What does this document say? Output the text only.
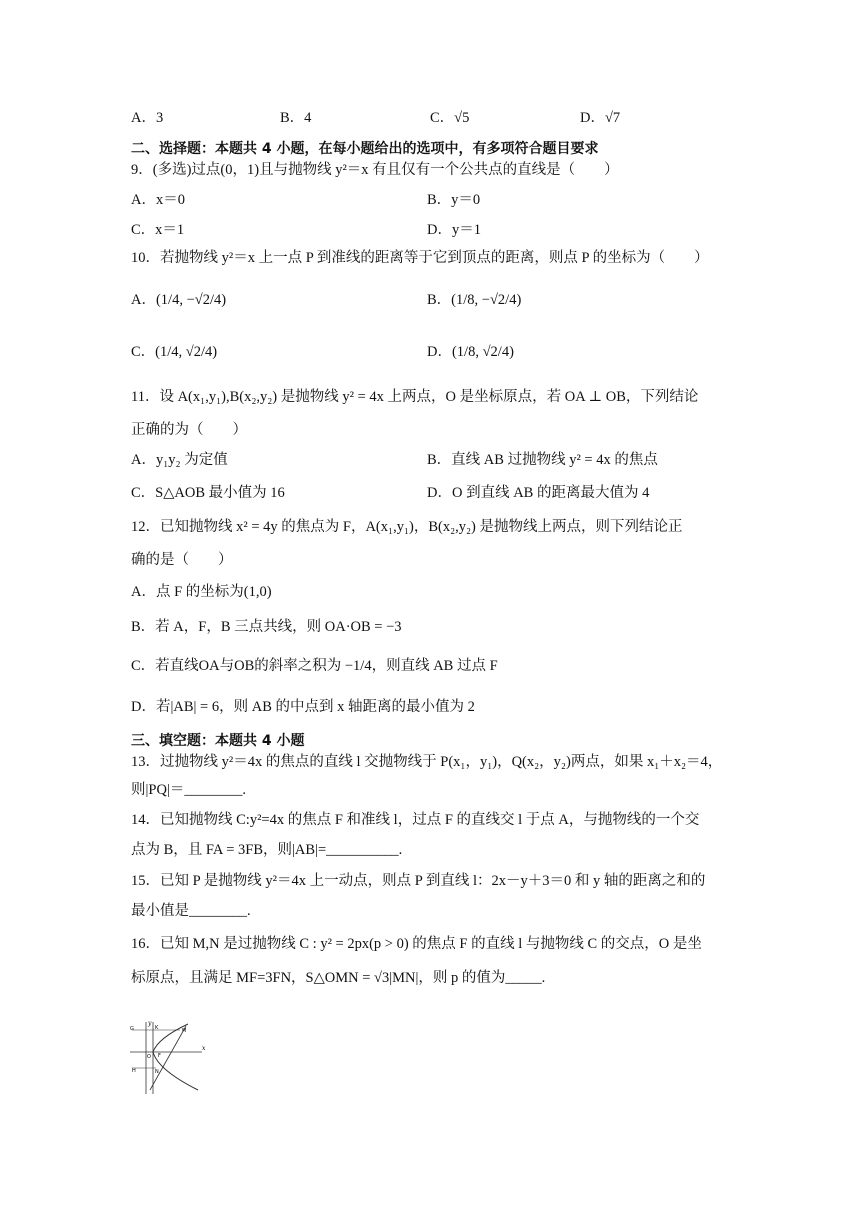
A．3	B．4	C．√5	D．√7
二、选择题：本题共 4 小题，在每小题给出的选项中，有多项符合题目要求
9．(多选)过点(0，1)且与抛物线 y²＝x 有且仅有一个公共点的直线是（　　）
A．x＝0	B．y＝0
C．x＝1	D．y＝1
10．若抛物线 y²＝x 上一点 P 到准线的距离等于它到顶点的距离，则点 P 的坐标为（　　）
A．(1/4, −√2/4)	B．(1/8, −√2/4)
C．(1/4, √2/4)	D．(1/8, √2/4)
11．设 A(x₁,y₁),B(x₂,y₂) 是抛物线 y² = 4x 上两点，O 是坐标原点，若 OA ⊥ OB，下列结论
正确的为（　　）
A．y₁y₂ 为定值	B．直线 AB 过抛物线 y² = 4x 的焦点
C．S△AOB 最小值为 16	D．O 到直线 AB 的距离最大值为 4
12．已知抛物线 x² = 4y 的焦点为 F，A(x₁,y₁)，B(x₂,y₂) 是抛物线上两点，则下列结论正
确的是（　　）
A．点 F 的坐标为(1,0)
B．若 A，F，B 三点共线，则 OA·OB = −3
C．若直线OA与OB的斜率之积为 −1/4，则直线 AB 过点 F
D．若|AB| = 6，则 AB 的中点到 x 轴距离的最小值为 2
三、填空题：本题共 4 小题
13．过抛物线 y²＝4x 的焦点的直线 l 交抛物线于 P(x₁，y₁)，Q(x₂，y₂)两点，如果 x₁＋x₂＝4，
则|PQ|＝________.
14．已知抛物线 C:y²=4x 的焦点 F 和准线 l，过点 F 的直线交 l 于点 A，与抛物线的一个交
点为 B，且 FA = 3FB，则|AB|=__________.
15．已知 P 是抛物线 y²＝4x 上一动点，则点 P 到直线 l：2x－y＋3＝0 和 y 轴的距离之和的
最小值是________.
16．已知 M,N 是过抛物线 C : y² = 2px(p > 0) 的焦点 F 的直线 l 与抛物线 C 的交点，O 是坐
标原点，且满足 MF=3FN，S△OMN = √3|MN|，则 p 的值为_____.
y
x
G	K	M
O F
H	N
